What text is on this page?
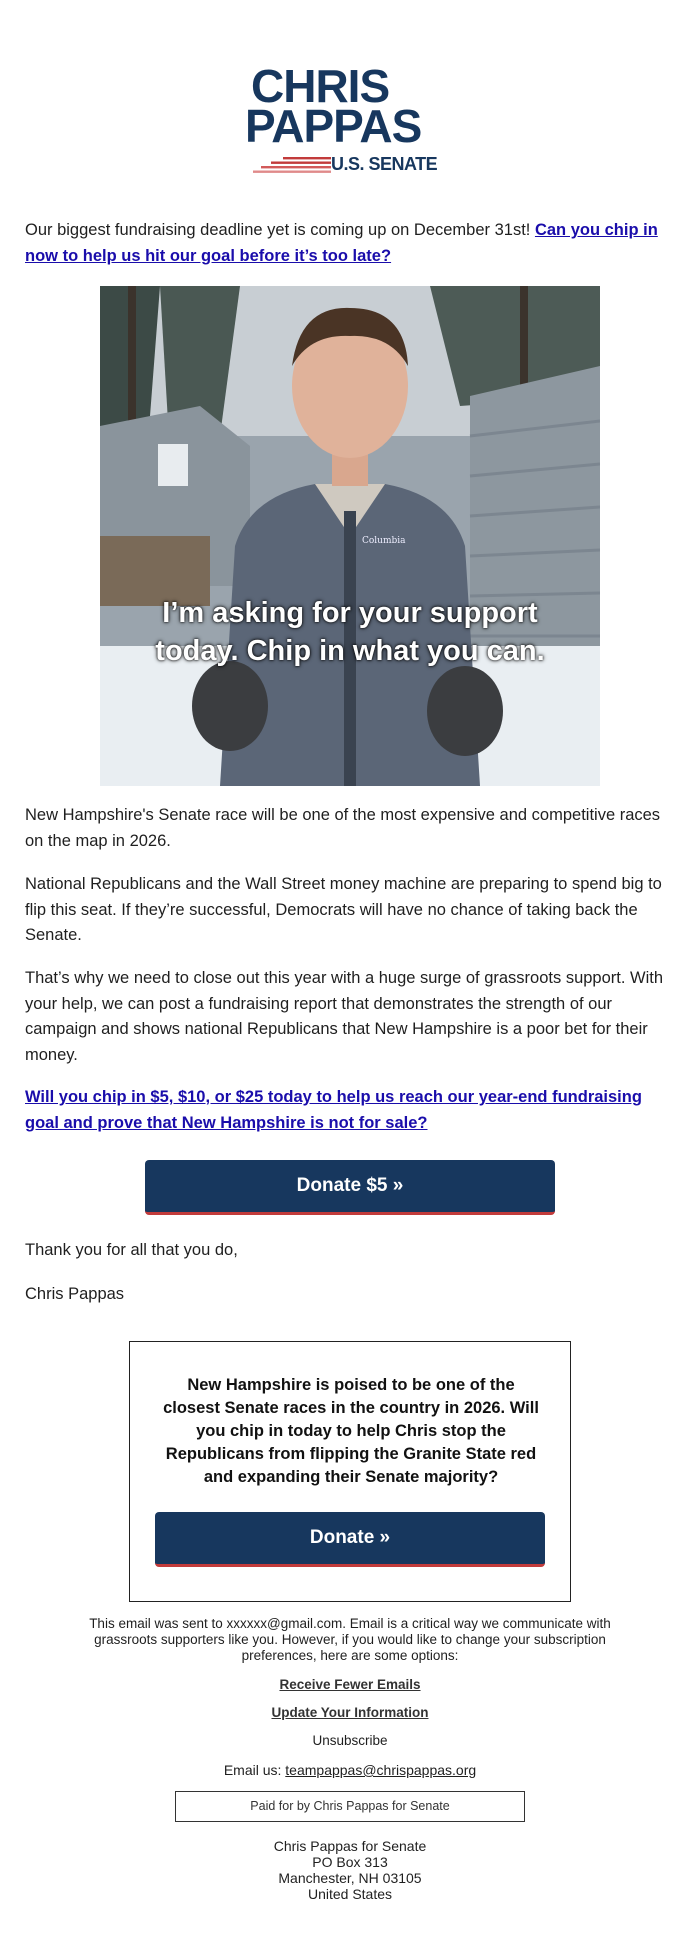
CHRIS
PAPPAS
U.S. SENATE

Our biggest fundraising deadline yet is coming up on December 31st! Can you chip in now to help us hit our goal before it’s too late?

Columbia
I’m asking for your support
today. Chip in what you can.

New Hampshire's Senate race will be one of the most expensive and competitive races on the map in 2026.

National Republicans and the Wall Street money machine are preparing to spend big to flip this seat. If they’re successful, Democrats will have no chance of taking back the Senate.

That’s why we need to close out this year with a huge surge of grassroots support. With your help, we can post a fundraising report that demonstrates the strength of our campaign and shows national Republicans that New Hampshire is a poor bet for their money.

Will you chip in $5, $10, or $25 today to help us reach our year-end fundraising goal and prove that New Hampshire is not for sale?

Donate $5 »

Thank you for all that you do,

Chris Pappas

New Hampshire is poised to be one of the closest Senate races in the country in 2026. Will you chip in today to help Chris stop the Republicans from flipping the Granite State red and expanding their Senate majority?

Donate »
This email was sent to xxxxxx@gmail.com. Email is a critical way we communicate with grassroots supporters like you. However, if you would like to change your subscription preferences, here are some options:
Receive Fewer Emails
Update Your Information
Unsubscribe
Email us: teampappas@chrispappas.org
Paid for by Chris Pappas for Senate
Chris Pappas for Senate
PO Box 313
Manchester, NH 03105
United States
